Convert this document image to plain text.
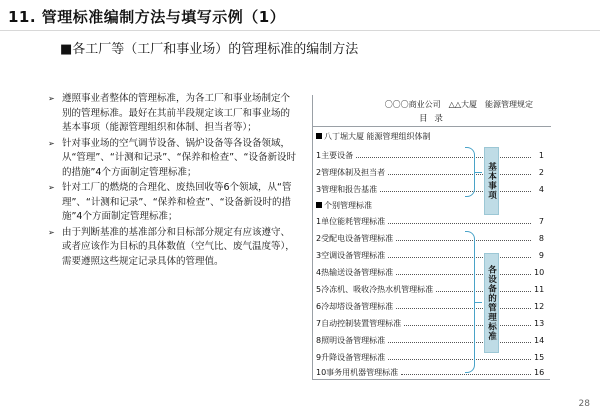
11. 管理标准编制方法与填写示例（1）
■各工厂等（工厂和事业场）的管理标准的编制方法
➢ 遵照事业者整体的管理标准，为各工厂和事业场制定个别的管理标准。最好在其前半段规定该工厂和事业场的基本事项（能源管理组织和体制、担当者等）；
➢ 针对事业场的空气调节设备、锅炉设备等各设备领域，从“管理”、“计测和记录”、“保养和检查”、“设备新设时的措施”4个方面制定管理标准；
➢ 针对工厂的燃烧的合理化、废热回收等6个领域，从“管理”、“计测和记录”、“保养和检查”、“设备新设时的措施”4个方面制定管理标准；
➢ 由于判断基准的基准部分和目标部分规定有应该遵守、或者应该作为目标的具体数值（空气比、废气温度等），需要遵照这些规定记录具体的管理值。
〇〇〇商业公司　△△大厦　能源管理规定
目 录
八丁堀大厦 能源管理组织体制
1主要设备	1
2管理体制及担当者	2
3管理和报告基准	4
个别管理标准
1单位能耗管理标准	7
2受配电设备管理标准	8
3空调设备管理标准	9
4热输送设备管理标准	10
5冷冻机、吸收冷热水机管理标准	11
6冷却塔设备管理标准	12
7自动控制装置管理标准	13
8照明设备管理标准	14
9升降设备管理标准	15
10事务用机器管理标准	16
基本事项
各设备的管理标准
28
